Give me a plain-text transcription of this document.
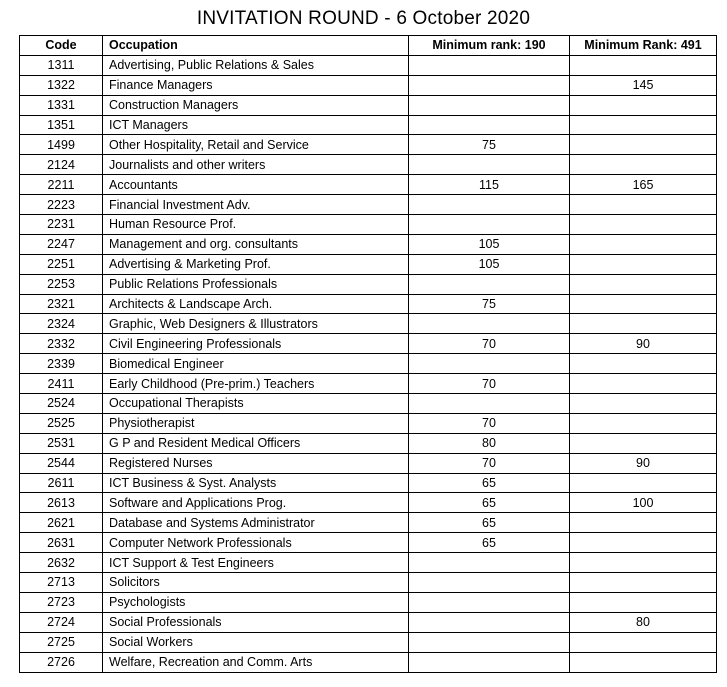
INVITATION ROUND - 6 October 2020
Code	Occupation	Minimum rank: 190	Minimum Rank: 491
1311	Advertising, Public Relations & Sales		
1322	Finance Managers		145
1331	Construction Managers		
1351	ICT Managers		
1499	Other Hospitality, Retail and Service	75	
2124	Journalists and other writers		
2211	Accountants	115	165
2223	Financial Investment Adv.		
2231	Human Resource Prof.		
2247	Management and org. consultants	105	
2251	Advertising & Marketing Prof.	105	
2253	Public Relations Professionals		
2321	Architects & Landscape Arch.	75	
2324	Graphic, Web Designers & Illustrators		
2332	Civil Engineering Professionals	70	90
2339	Biomedical Engineer		
2411	Early Childhood (Pre-prim.) Teachers	70	
2524	Occupational Therapists		
2525	Physiotherapist	70	
2531	G P and Resident Medical Officers	80	
2544	Registered Nurses	70	90
2611	ICT Business & Syst. Analysts	65	
2613	Software and Applications Prog.	65	100
2621	Database and Systems Administrator	65	
2631	Computer Network Professionals	65	
2632	ICT Support & Test Engineers		
2713	Solicitors		
2723	Psychologists		
2724	Social Professionals		80
2725	Social Workers		
2726	Welfare, Recreation and Comm. Arts		
